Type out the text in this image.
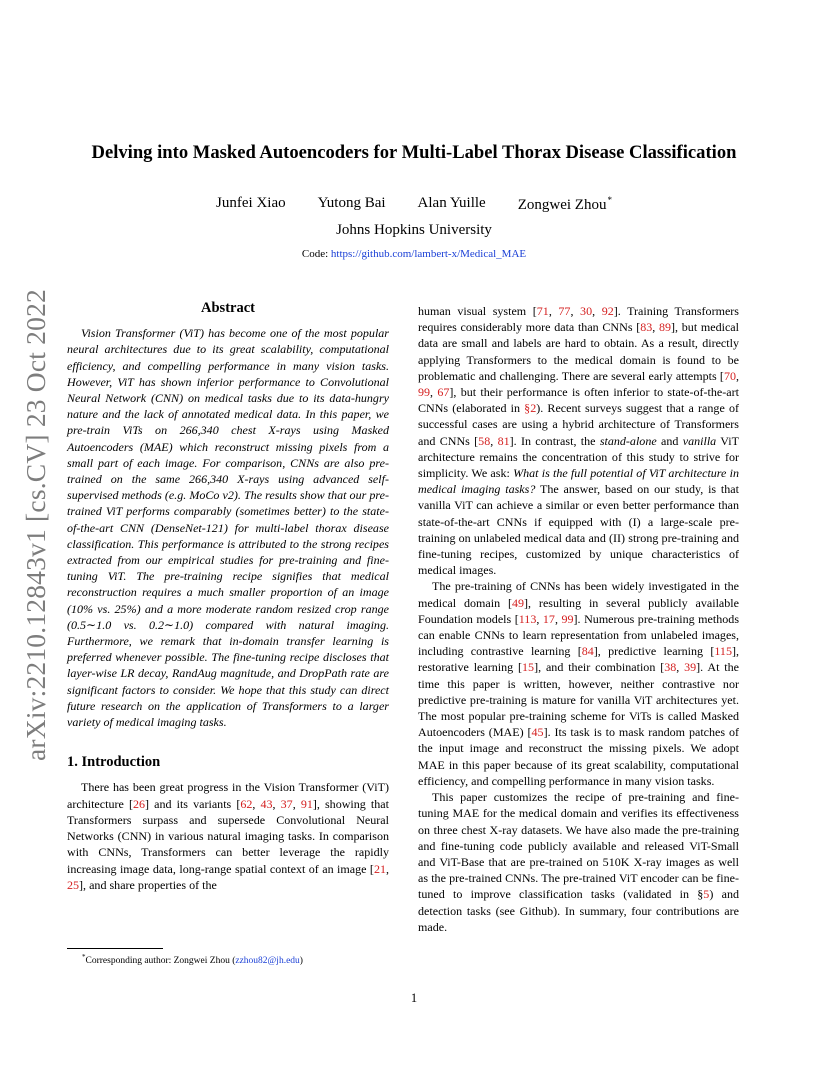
arXiv:2210.12843v1 [cs.CV] 23 Oct 2022
Delving into Masked Autoencoders for Multi-Label Thorax Disease Classification
Junfei Xiao Yutong Bai Alan Yuille Zongwei Zhou*
Johns Hopkins University
Code: https://github.com/lambert-x/Medical_MAE
Abstract

Vision Transformer (ViT) has become one of the most popular neural architectures due to its great scalability, computational efficiency, and compelling performance in many vision tasks. However, ViT has shown inferior performance to Convolutional Neural Network (CNN) on medical tasks due to its data-hungry nature and the lack of annotated medical data. In this paper, we pre-train ViTs on 266,340 chest X-rays using Masked Autoencoders (MAE) which reconstruct missing pixels from a small part of each image. For comparison, CNNs are also pre-trained on the same 266,340 X-rays using advanced self-supervised methods (e.g. MoCo v2). The results show that our pre-trained ViT performs comparably (sometimes better) to the state-of-the-art CNN (DenseNet-121) for multi-label thorax disease classification. This performance is attributed to the strong recipes extracted from our empirical studies for pre-training and fine-tuning ViT. The pre-training recipe signifies that medical reconstruction requires a much smaller proportion of an image (10% vs. 25%) and a more moderate random resized crop range (0.5∼1.0 vs. 0.2∼1.0) compared with natural imaging. Furthermore, we remark that in-domain transfer learning is preferred whenever possible. The fine-tuning recipe discloses that layer-wise LR decay, RandAug magnitude, and DropPath rate are significant factors to consider. We hope that this study can direct future research on the application of Transformers to a larger variety of medical imaging tasks.

1. Introduction

There has been great progress in the Vision Transformer (ViT) architecture [26] and its variants [62, 43, 37, 91], showing that Transformers surpass and supersede Convolutional Neural Networks (CNN) in various natural imaging tasks. In comparison with CNNs, Transformers can better leverage the rapidly increasing image data, long-range spatial context of an image [21, 25], and share properties of the

human visual system [71, 77, 30, 92]. Training Transformers requires considerably more data than CNNs [83, 89], but medical data are small and labels are hard to obtain. As a result, directly applying Transformers to the medical domain is found to be problematic and challenging. There are several early attempts [70, 99, 67], but their performance is often inferior to state-of-the-art CNNs (elaborated in §2). Recent surveys suggest that a range of successful cases are using a hybrid architecture of Transformers and CNNs [58, 81]. In contrast, the stand-alone and vanilla ViT architecture remains the concentration of this study to strive for simplicity. We ask: What is the full potential of ViT architecture in medical imaging tasks? The answer, based on our study, is that vanilla ViT can achieve a similar or even better performance than state-of-the-art CNNs if equipped with (I) a large-scale pre-training on unlabeled medical data and (II) strong pre-training and fine-tuning recipes, customized by unique characteristics of medical images.

The pre-training of CNNs has been widely investigated in the medical domain [49], resulting in several publicly available Foundation models [113, 17, 99]. Numerous pre-training methods can enable CNNs to learn representation from unlabeled images, including contrastive learning [84], predictive learning [115], restorative learning [15], and their combination [38, 39]. At the time this paper is written, however, neither contrastive nor predictive pre-training is mature for vanilla ViT architectures yet. The most popular pre-training scheme for ViTs is called Masked Autoencoders (MAE) [45]. Its task is to mask random patches of the input image and reconstruct the missing pixels. We adopt MAE in this paper because of its great scalability, computational efficiency, and compelling performance in many vision tasks.

This paper customizes the recipe of pre-training and fine-tuning MAE for the medical domain and verifies its effectiveness on three chest X-ray datasets. We have also made the pre-training and fine-tuning code publicly available and released ViT-Small and ViT-Base that are pre-trained on 510K X-ray images as well as the pre-trained CNNs. The pre-trained ViT encoder can be fine-tuned to improve classification tasks (validated in §5) and detection tasks (see Github). In summary, four contributions are made.

*Corresponding author: Zongwei Zhou (zzhou82@jh.edu)
1
